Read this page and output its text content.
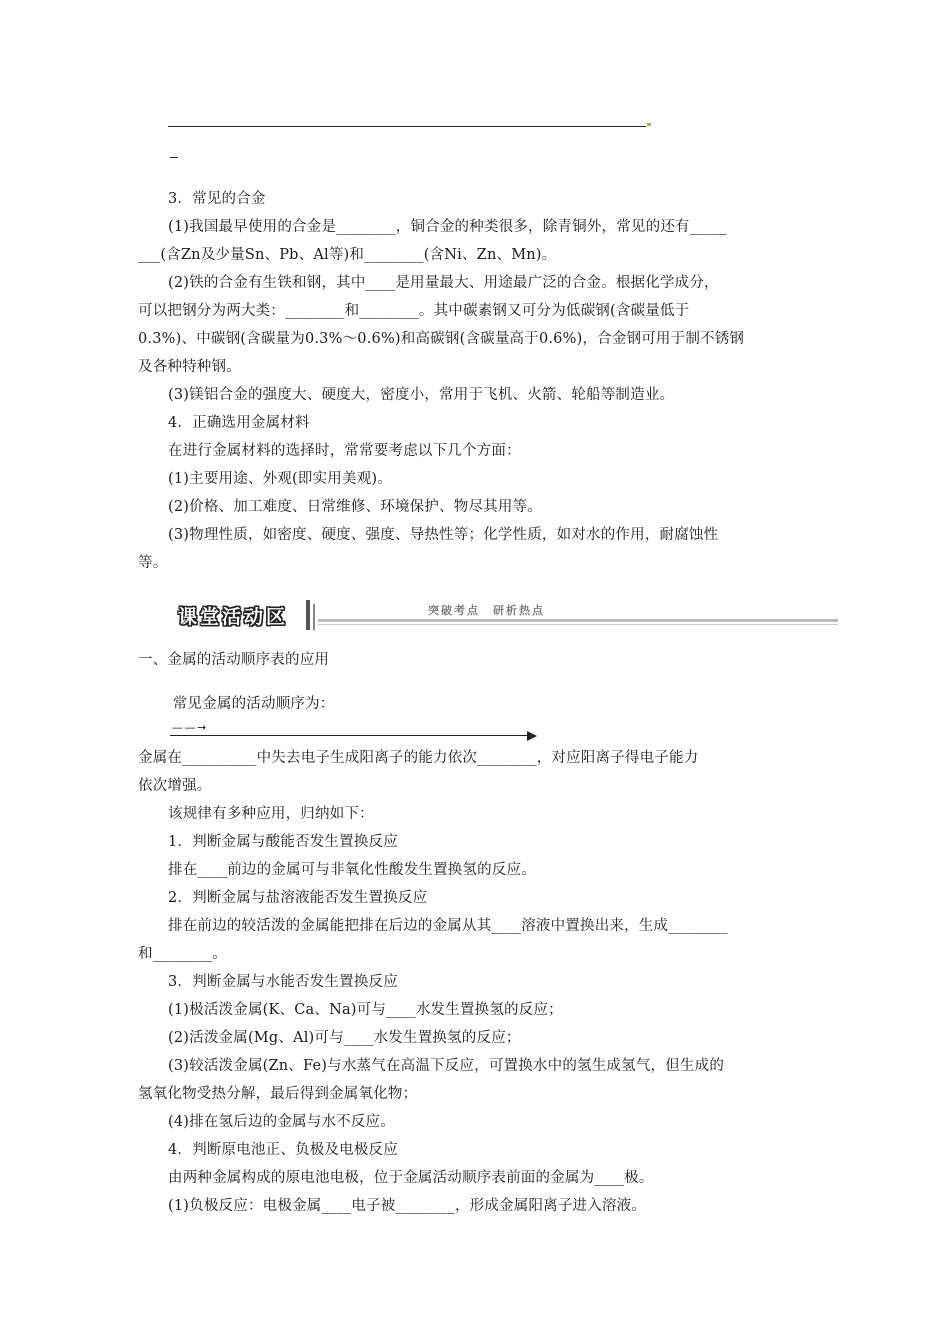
3．常见的合金
(1)我国最早使用的合金是________，铜合金的种类很多，除青铜外，常见的还有_____
___(含Zn及少量Sn、Pb、Al等)和________(含Ni、Zn、Mn)。
(2)铁的合金有生铁和钢，其中____是用量最大、用途最广泛的合金。根据化学成分，
可以把钢分为两大类：________和________。其中碳素钢又可分为低碳钢(含碳量低于
0.3%)、中碳钢(含碳量为0.3%～0.6%)和高碳钢(含碳量高于0.6%)，合金钢可用于制不锈钢
及各种特种钢。
(3)镁铝合金的强度大、硬度大，密度小，常用于飞机、火箭、轮船等制造业。
4．正确选用金属材料
在进行金属材料的选择时，常常要考虑以下几个方面：
(1)主要用途、外观(即实用美观)。
(2)价格、加工难度、日常维修、环境保护、物尽其用等。
(3)物理性质，如密度、硬度、强度、导热性等；化学性质，如对水的作用，耐腐蚀性
等。
课堂活动区	突破考点　研析热点
一、金属的活动顺序表的应用
常见金属的活动顺序为：
— — →
金属在__________中失去电子生成阳离子的能力依次________，对应阳离子得电子能力
依次增强。
该规律有多种应用，归纳如下：
1．判断金属与酸能否发生置换反应
排在____前边的金属可与非氧化性酸发生置换氢的反应。
2．判断金属与盐溶液能否发生置换反应
排在前边的较活泼的金属能把排在后边的金属从其____溶液中置换出来，生成________
和________。
3．判断金属与水能否发生置换反应
(1)极活泼金属(K、Ca、Na)可与____水发生置换氢的反应；
(2)活泼金属(Mg、Al)可与____水发生置换氢的反应；
(3)较活泼金属(Zn、Fe)与水蒸气在高温下反应，可置换水中的氢生成氢气，但生成的
氢氧化物受热分解，最后得到金属氧化物；
(4)排在氢后边的金属与水不反应。
4．判断原电池正、负极及电极反应
由两种金属构成的原电池电极，位于金属活动顺序表前面的金属为____极。
(1)负极反应：电极金属____电子被________，形成金属阳离子进入溶液。
